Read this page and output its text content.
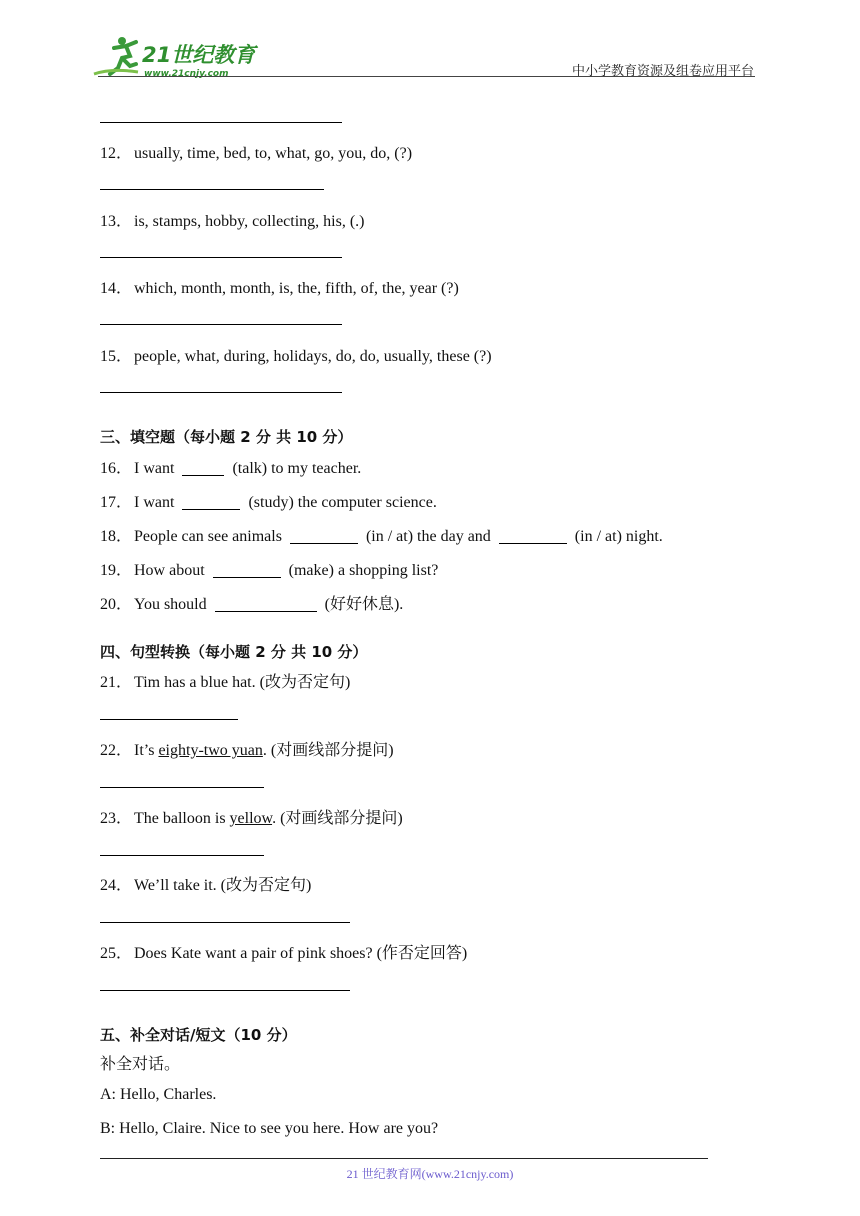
21世纪教育
www.21cnjy.com	中小学教育资源及组卷应用平台
12． usually, time, bed, to, what, go, you, do, (?)
13． is, stamps, hobby, collecting, his, (.)
14． which, month, month, is, the, fifth, of, the, year (?)
15． people, what, during, holidays, do, do, usually, these (?)
三、填空题（每小题 2 分 共 10 分）
16． I want	(talk) to my teacher.
17． I want	(study) the computer science.
18． People can see animals	(in / at) the day and	(in / at) night.
19． How about	(make) a shopping list?
20． You should	(好好休息).
四、句型转换（每小题 2 分 共 10 分）
21． Tim has a blue hat. (改为否定句)
22． It’s eighty-two yuan. (对画线部分提问)
23． The balloon is yellow. (对画线部分提问)
24． We’ll take it. (改为否定句)
25． Does Kate want a pair of pink shoes? (作否定回答)
五、补全对话/短文（10 分）
补全对话。
A: Hello, Charles.
B: Hello, Claire. Nice to see you here. How are you?
21 世纪教育网(www.21cnjy.com)
